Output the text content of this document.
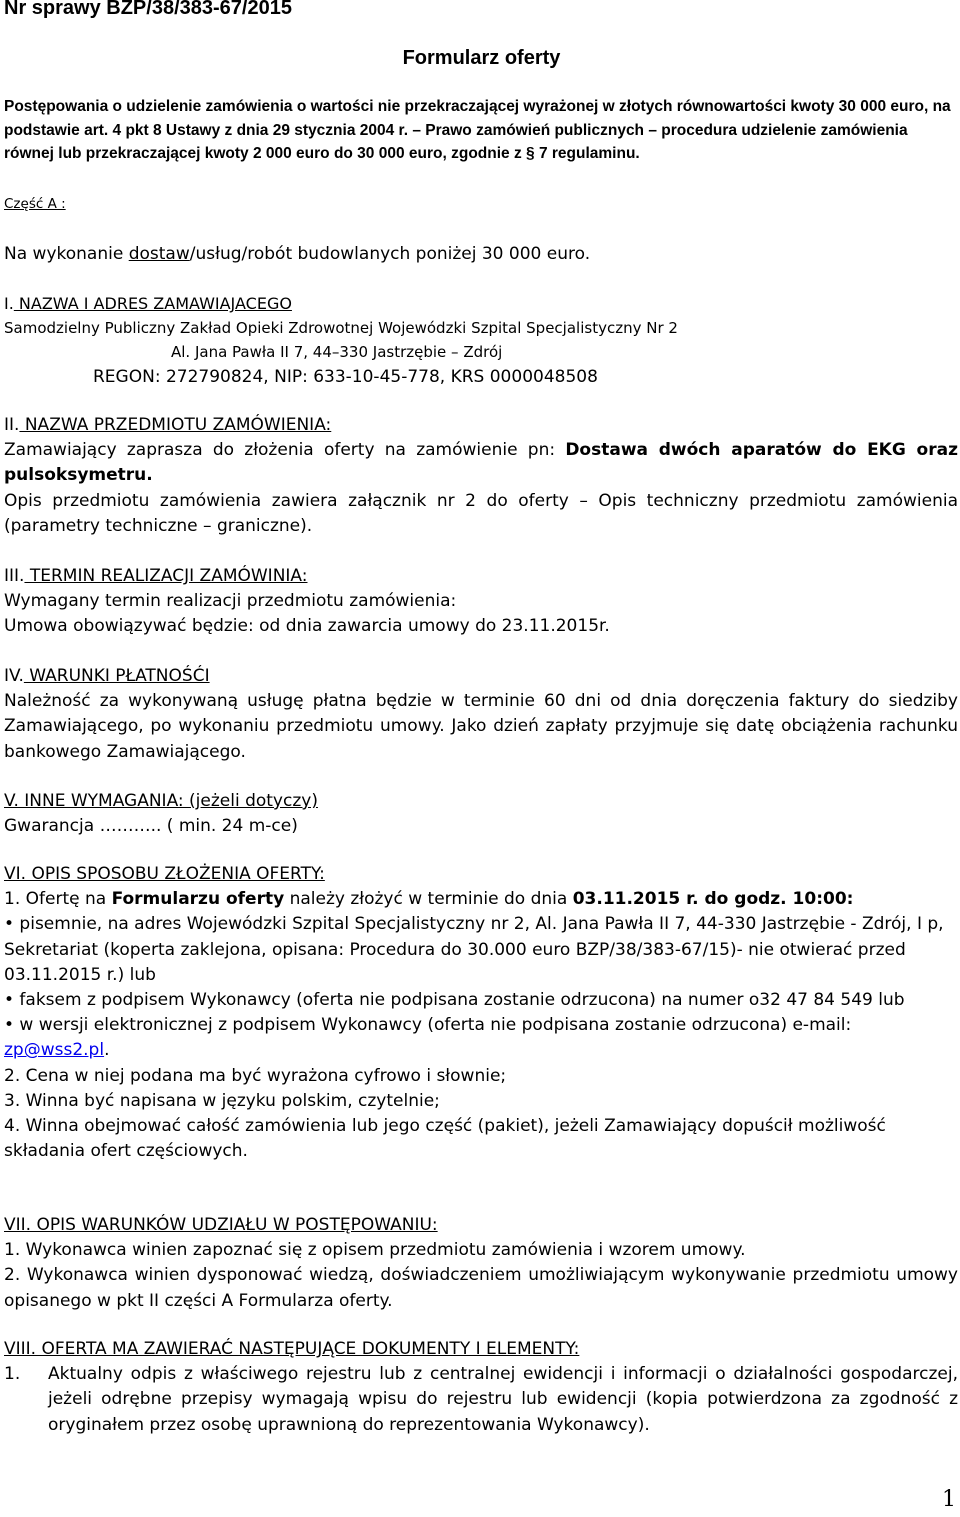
Nr sprawy BZP/38/383-67/2015
Formularz oferty
Postępowania o udzielenie zamówienia o wartości nie przekraczającej wyrażonej w złotych równowartości kwoty 30 000 euro, na podstawie art. 4 pkt 8 Ustawy z dnia 29 stycznia 2004 r. – Prawo zamówień publicznych – procedura udzielenie zamówienia równej lub przekraczającej kwoty 2 000 euro do 30 000 euro, zgodnie z § 7 regulaminu.
Część A :
Na wykonanie dostaw/usług/robót budowlanych poniżej 30 000 euro.
I. NAZWA I ADRES ZAMAWIAJACEGO
Samodzielny Publiczny Zakład Opieki Zdrowotnej Wojewódzki Szpital Specjalistyczny Nr 2
Al. Jana Pawła II 7, 44–330 Jastrzębie – Zdrój
REGON: 272790824, NIP: 633-10-45-778, KRS 0000048508
II. NAZWA PRZEDMIOTU ZAMÓWIENIA:
Zamawiający zaprasza do złożenia oferty na zamówienie pn: Dostawa dwóch aparatów do EKG oraz pulsoksymetru.
Opis przedmiotu zamówienia zawiera załącznik nr 2 do oferty – Opis techniczny przedmiotu zamówienia (parametry techniczne – graniczne).
III. TERMIN REALIZACJI ZAMÓWINIA:
Wymagany termin realizacji przedmiotu zamówienia:
Umowa obowiązywać będzie: od dnia zawarcia umowy do 23.11.2015r.
IV. WARUNKI PŁATNOŚĆI
Należność za wykonywaną usługę płatna będzie w terminie 60 dni od dnia doręczenia faktury do siedziby Zamawiającego, po wykonaniu przedmiotu umowy. Jako dzień zapłaty przyjmuje się datę obciążenia rachunku bankowego Zamawiającego.
V. INNE WYMAGANIA: (jeżeli dotyczy)
Gwarancja ……….. ( min. 24 m-ce)
VI. OPIS SPOSOBU ZŁOŻENIA OFERTY:
1. Ofertę na Formularzu oferty należy złożyć w terminie do dnia 03.11.2015 r. do godz. 10:00:
• pisemnie, na adres Wojewódzki Szpital Specjalistyczny nr 2, Al. Jana Pawła II 7, 44-330 Jastrzębie - Zdrój, I p, Sekretariat (koperta zaklejona, opisana: Procedura do 30.000 euro BZP/38/383-67/15)- nie otwierać przed 03.11.2015 r.) lub
• faksem z podpisem Wykonawcy (oferta nie podpisana zostanie odrzucona) na numer o32 47 84 549 lub
• w wersji elektronicznej z podpisem Wykonawcy (oferta nie podpisana zostanie odrzucona) e-mail: zp@wss2.pl.
2. Cena w niej podana ma być wyrażona cyfrowo i słownie;
3. Winna być napisana w języku polskim, czytelnie;
4. Winna obejmować całość zamówienia lub jego część (pakiet), jeżeli Zamawiający dopuścił możliwość składania ofert częściowych.
VII. OPIS WARUNKÓW UDZIAŁU W POSTĘPOWANIU:
1. Wykonawca winien zapoznać się z opisem przedmiotu zamówienia i wzorem umowy.
2. Wykonawca winien dysponować wiedzą, doświadczeniem umożliwiającym wykonywanie przedmiotu umowy opisanego w pkt II części A Formularza oferty.
VIII. OFERTA MA ZAWIERAĆ NASTĘPUJĄCE DOKUMENTY I ELEMENTY:
1.	Aktualny odpis z właściwego rejestru lub z centralnej ewidencji i informacji o działalności gospodarczej, jeżeli odrębne przepisy wymagają wpisu do rejestru lub ewidencji (kopia potwierdzona za zgodność z oryginałem przez osobę uprawnioną do reprezentowania Wykonawcy).
1
